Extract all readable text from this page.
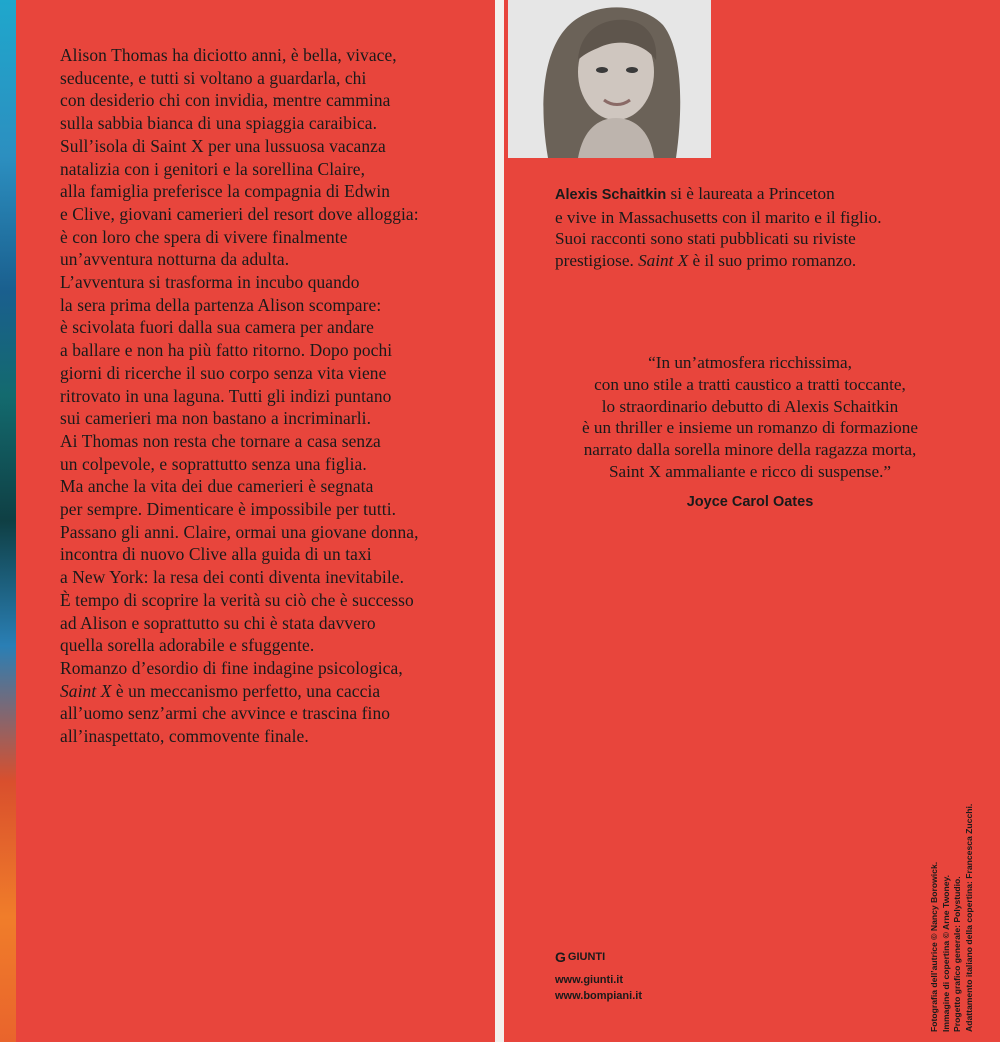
Alison Thomas ha diciotto anni, è bella, vivace,
seducente, e tutti si voltano a guardarla, chi
con desiderio chi con invidia, mentre cammina
sulla sabbia bianca di una spiaggia caraibica.
Sull’isola di Saint X per una lussuosa vacanza
natalizia con i genitori e la sorellina Claire,
alla famiglia preferisce la compagnia di Edwin
e Clive, giovani camerieri del resort dove alloggia:
è con loro che spera di vivere finalmente
un’avventura notturna da adulta.
L’avventura si trasforma in incubo quando
la sera prima della partenza Alison scompare:
è scivolata fuori dalla sua camera per andare
a ballare e non ha più fatto ritorno. Dopo pochi
giorni di ricerche il suo corpo senza vita viene
ritrovato in una laguna. Tutti gli indizi puntano
sui camerieri ma non bastano a incriminarli.
Ai Thomas non resta che tornare a casa senza
un colpevole, e soprattutto senza una figlia.
Ma anche la vita dei due camerieri è segnata
per sempre. Dimenticare è impossibile per tutti.
Passano gli anni. Claire, ormai una giovane donna,
incontra di nuovo Clive alla guida di un taxi
a New York: la resa dei conti diventa inevitabile.
È tempo di scoprire la verità su ciò che è successo
ad Alison e soprattutto su chi è stata davvero
quella sorella adorabile e sfuggente.
Romanzo d’esordio di fine indagine psicologica,
Saint X è un meccanismo perfetto, una caccia
all’uomo senz’armi che avvince e trascina fino
all’inaspettato, commovente finale.
Alexis Schaitkin si è laureata a Princeton
e vive in Massachusetts con il marito e il figlio.
Suoi racconti sono stati pubblicati su riviste
prestigiose. Saint X è il suo primo romanzo.
“In un’atmosfera ricchissima,
con uno stile a tratti caustico a tratti toccante,
lo straordinario debutto di Alexis Schaitkin
è un thriller e insieme un romanzo di formazione
narrato dalla sorella minore della ragazza morta,
Saint X ammaliante e ricco di suspense.”
Joyce Carol Oates
G GIUNTI
www.giunti.it
www.bompiani.it	Fotografia dell’autrice © Nancy Borowick. Immagine di copertina © Arne Twoney. Progetto grafico generale: Polystudio. Adattamento italiano della copertina: Francesca Zucchi.
